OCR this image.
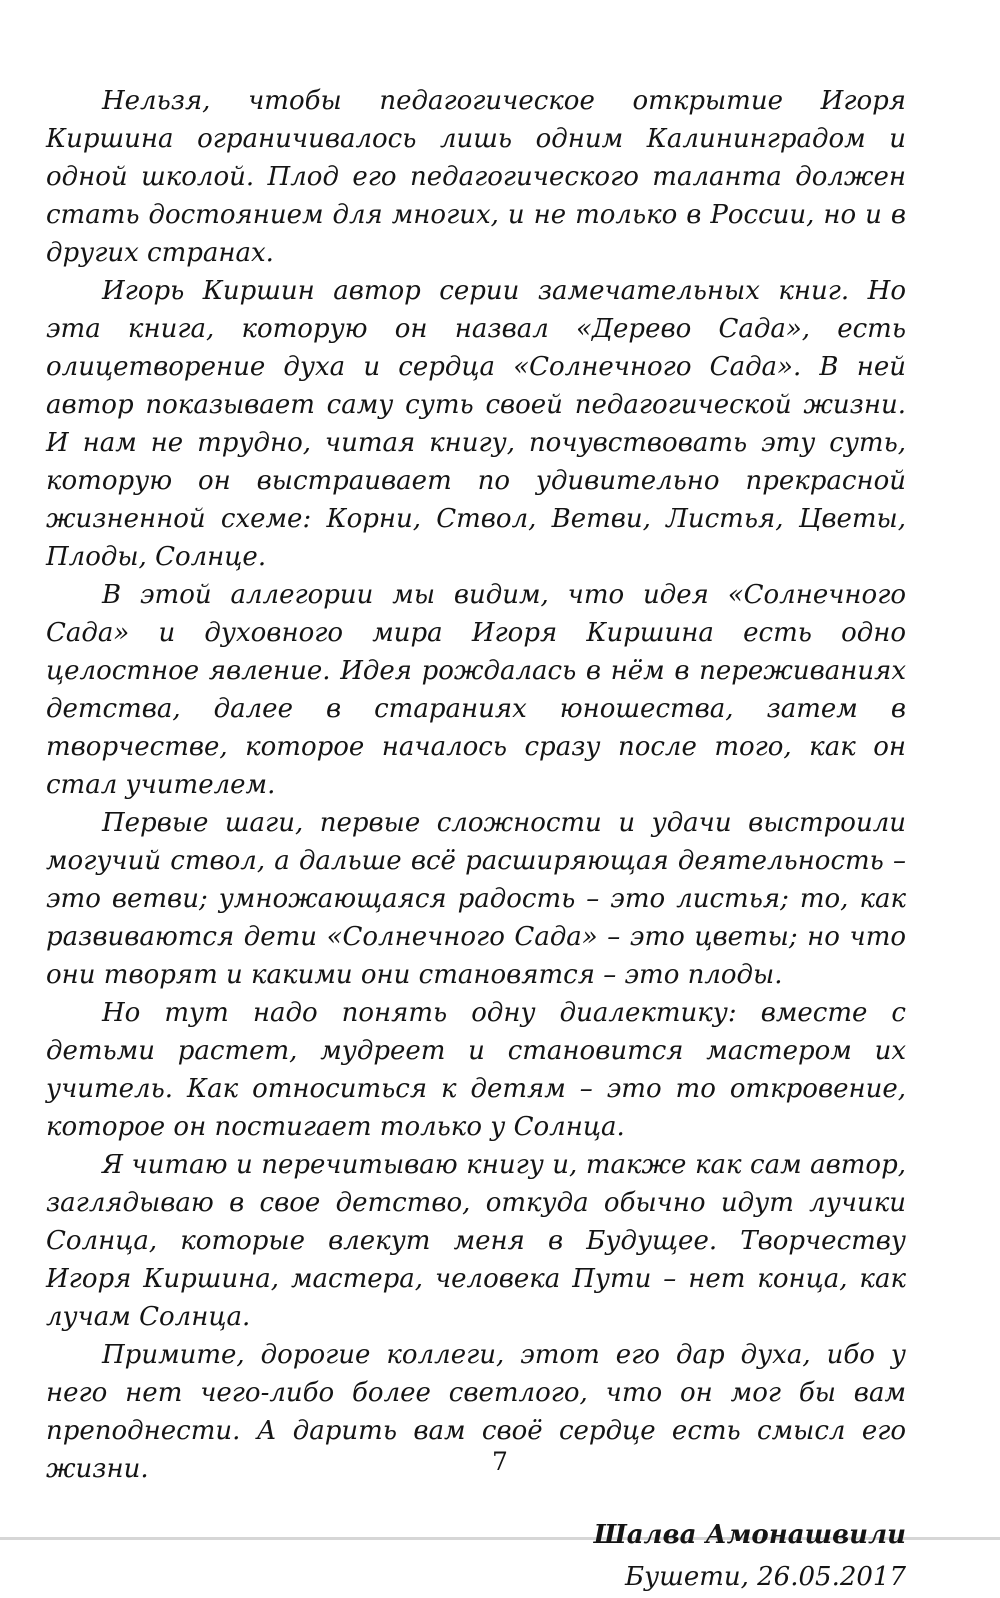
Нельзя, чтобы педагогическое открытие Игоря Киршина ограничивалось лишь одним Калининградом и одной школой. Плод его педагогического таланта должен стать достоянием для многих, и не только в России, но и в других странах.

Игорь Киршин автор серии замечательных книг. Но эта книга, которую он назвал «Дерево Сада», есть олицетворение духа и сердца «Солнечного Сада». В ней автор показывает саму суть своей педагогической жизни. И нам не трудно, читая книгу, почувствовать эту суть, которую он выстраивает по удивительно прекрасной жизненной схеме: Корни, Ствол, Ветви, Листья, Цветы, Плоды, Солнце.

В этой аллегории мы видим, что идея «Солнечного Сада» и духовного мира Игоря Киршина есть одно целостное явление. Идея рождалась в нём в переживаниях детства, далее в стараниях юношества, затем в творчестве, которое началось сразу после того, как он стал учителем.

Первые шаги, первые сложности и удачи выстроили могучий ствол, а дальше всё расширяющая деятельность – это ветви; умножающаяся радость – это листья; то, как развиваются дети «Солнечного Сада» – это цветы; но что они творят и какими они становятся – это плоды.

Но тут надо понять одну диалектику: вместе с детьми растет, мудреет и становится мастером их учитель. Как относиться к детям – это то откровение, которое он постигает только у Солнца.

Я читаю и перечитываю книгу и, также как сам автор, заглядываю в свое детство, откуда обычно идут лучики Солнца, которые влекут меня в Будущее. Творчеству Игоря Киршина, мастера, человека Пути – нет конца, как лучам Солнца.

Примите, дорогие коллеги, этот его дар духа, ибо у него нет чего-либо более светлого, что он мог бы вам преподнести. А дарить вам своё сердце есть смысл его жизни.

Шалва Амонашвили
Бушети, 26.05.2017
7
